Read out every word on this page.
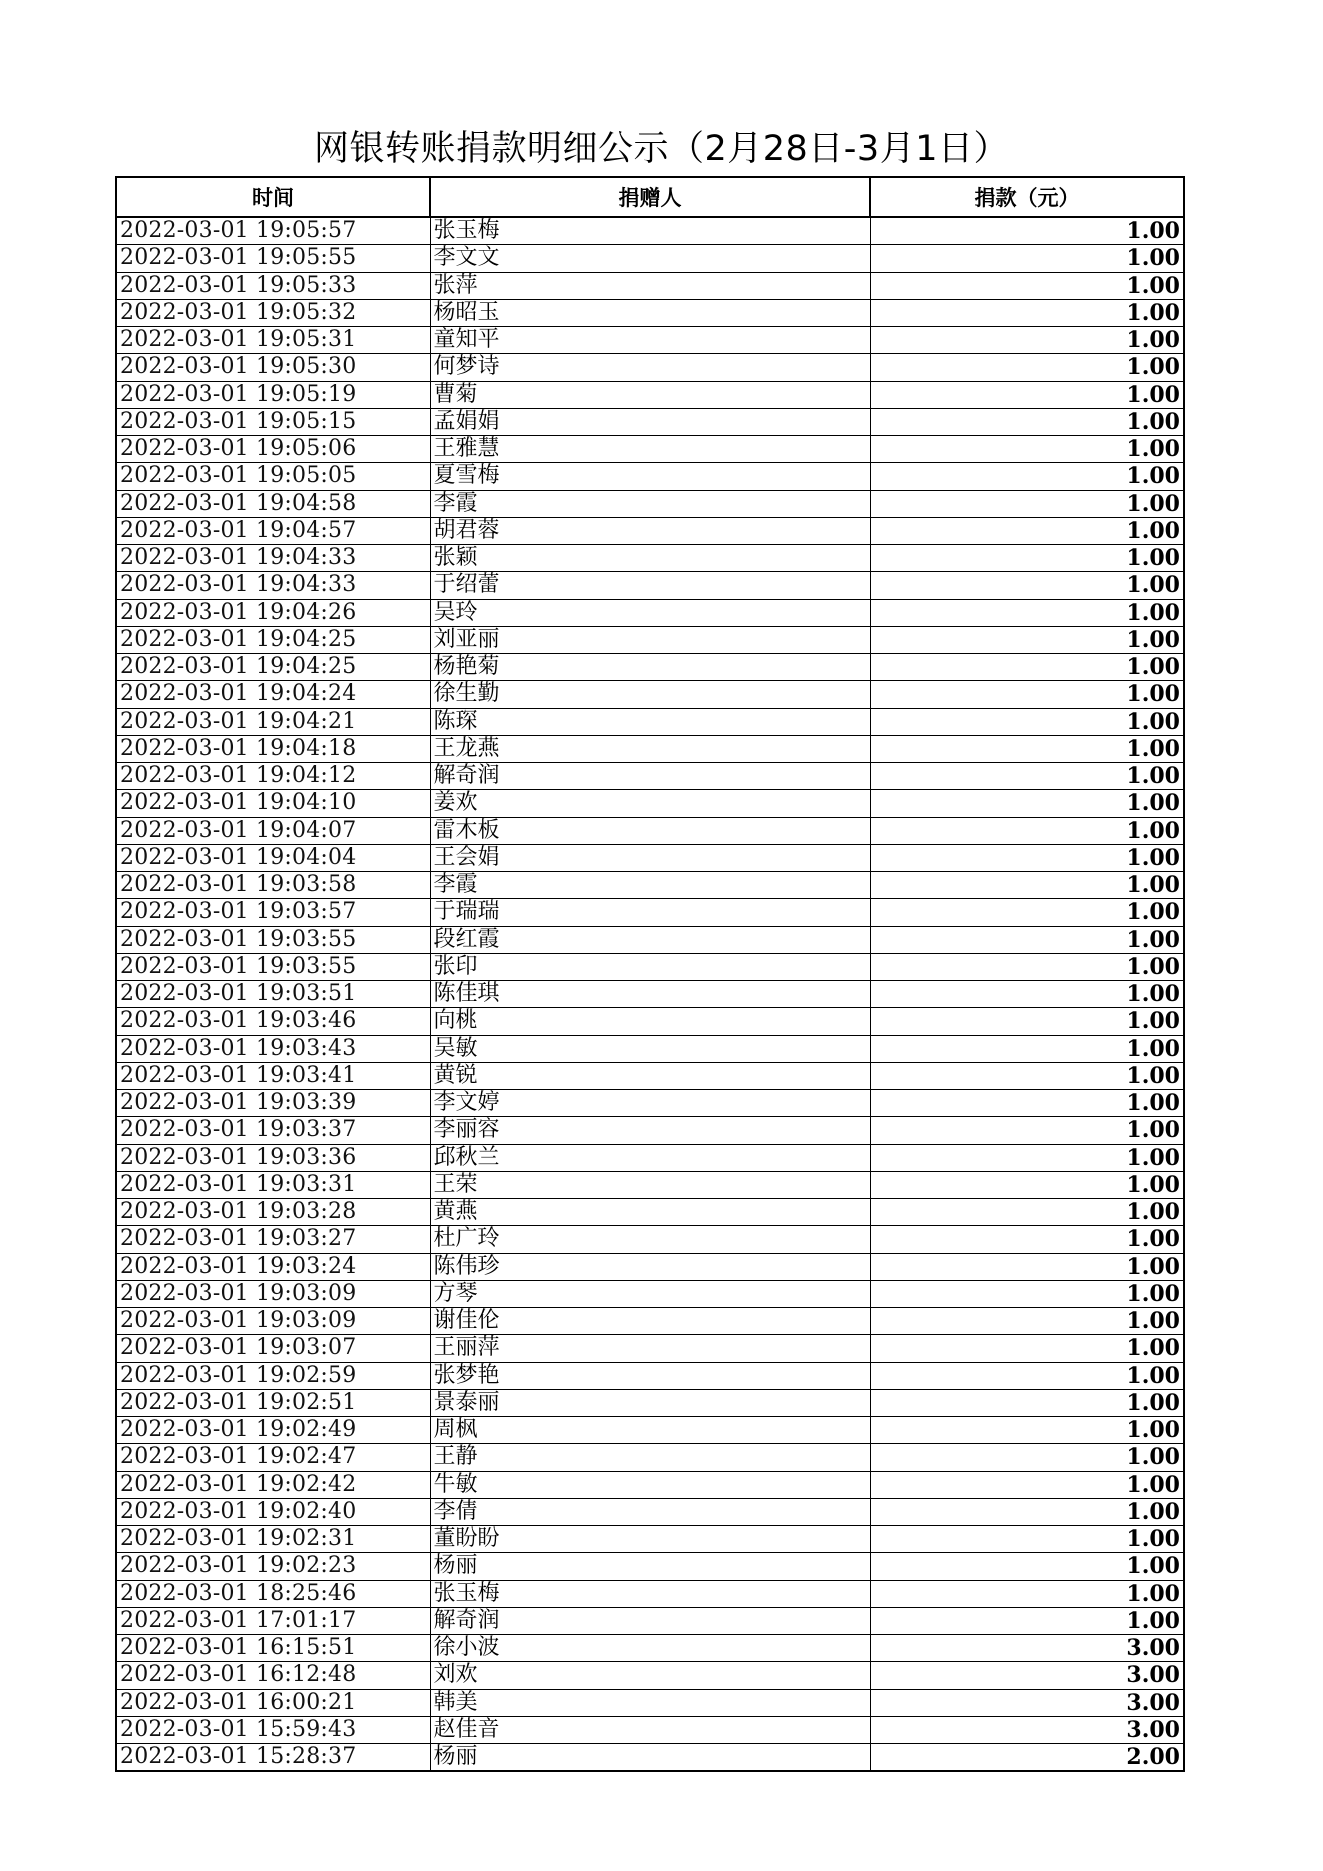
网银转账捐款明细公示（2月28日-3月1日）
时间	捐赠人	捐款（元）
2022-03-01 19:05:57	张玉梅	1.00
2022-03-01 19:05:55	李文文	1.00
2022-03-01 19:05:33	张萍	1.00
2022-03-01 19:05:32	杨昭玉	1.00
2022-03-01 19:05:31	童知平	1.00
2022-03-01 19:05:30	何梦诗	1.00
2022-03-01 19:05:19	曹菊	1.00
2022-03-01 19:05:15	孟娟娟	1.00
2022-03-01 19:05:06	王雅慧	1.00
2022-03-01 19:05:05	夏雪梅	1.00
2022-03-01 19:04:58	李霞	1.00
2022-03-01 19:04:57	胡君蓉	1.00
2022-03-01 19:04:33	张颖	1.00
2022-03-01 19:04:33	于绍蕾	1.00
2022-03-01 19:04:26	吴玲	1.00
2022-03-01 19:04:25	刘亚丽	1.00
2022-03-01 19:04:25	杨艳菊	1.00
2022-03-01 19:04:24	徐生勤	1.00
2022-03-01 19:04:21	陈琛	1.00
2022-03-01 19:04:18	王龙燕	1.00
2022-03-01 19:04:12	解奇润	1.00
2022-03-01 19:04:10	姜欢	1.00
2022-03-01 19:04:07	雷木板	1.00
2022-03-01 19:04:04	王会娟	1.00
2022-03-01 19:03:58	李霞	1.00
2022-03-01 19:03:57	于瑞瑞	1.00
2022-03-01 19:03:55	段红霞	1.00
2022-03-01 19:03:55	张印	1.00
2022-03-01 19:03:51	陈佳琪	1.00
2022-03-01 19:03:46	向桃	1.00
2022-03-01 19:03:43	吴敏	1.00
2022-03-01 19:03:41	黄锐	1.00
2022-03-01 19:03:39	李文婷	1.00
2022-03-01 19:03:37	李丽容	1.00
2022-03-01 19:03:36	邱秋兰	1.00
2022-03-01 19:03:31	王荣	1.00
2022-03-01 19:03:28	黄燕	1.00
2022-03-01 19:03:27	杜广玲	1.00
2022-03-01 19:03:24	陈伟珍	1.00
2022-03-01 19:03:09	方琴	1.00
2022-03-01 19:03:09	谢佳伦	1.00
2022-03-01 19:03:07	王丽萍	1.00
2022-03-01 19:02:59	张梦艳	1.00
2022-03-01 19:02:51	景泰丽	1.00
2022-03-01 19:02:49	周枫	1.00
2022-03-01 19:02:47	王静	1.00
2022-03-01 19:02:42	牛敏	1.00
2022-03-01 19:02:40	李倩	1.00
2022-03-01 19:02:31	董盼盼	1.00
2022-03-01 19:02:23	杨丽	1.00
2022-03-01 18:25:46	张玉梅	1.00
2022-03-01 17:01:17	解奇润	1.00
2022-03-01 16:15:51	徐小波	3.00
2022-03-01 16:12:48	刘欢	3.00
2022-03-01 16:00:21	韩美	3.00
2022-03-01 15:59:43	赵佳音	3.00
2022-03-01 15:28:37	杨丽	2.00
